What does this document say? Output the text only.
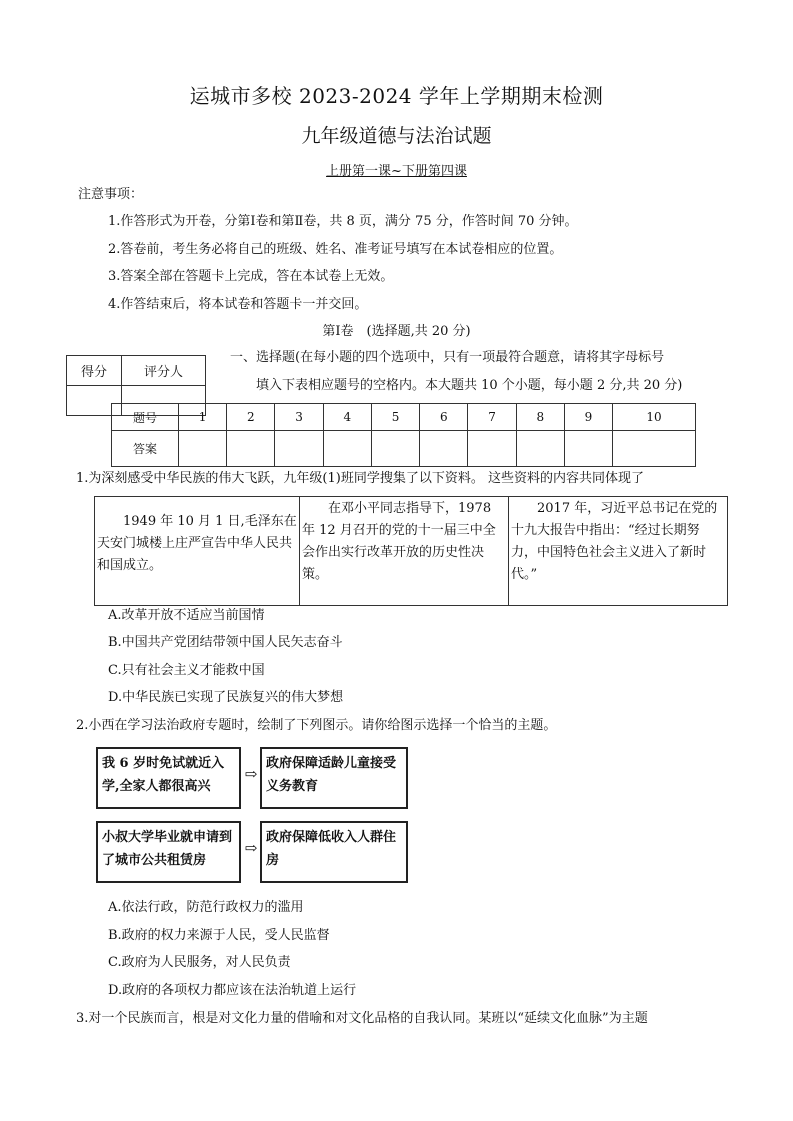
运城市多校 2023-2024 学年上学期期末检测
九年级道德与法治试题
上册第一课~下册第四课
注意事项：
1.作答形式为开卷，分第Ⅰ卷和第Ⅱ卷，共 8 页，满分 75 分，作答时间 70 分钟。
2.答卷前，考生务必将自己的班级、姓名、准考证号填写在本试卷相应的位置。
3.答案全部在答题卡上完成，答在本试卷上无效。
4.作答结束后，将本试卷和答题卡一并交回。
第Ⅰ卷　(选择题,共 20 分)
得分	评分人

一、选择题(在每小题的四个选项中，只有一项最符合题意，请将其字母标号
填入下表相应题号的空格内。本大题共 10 个小题，每小题 2 分,共 20 分)
题号	1	2	3	4	5	6	7	8	9	10
答案										
1.为深刻感受中华民族的伟大飞跃，九年级(1)班同学搜集了以下资料。 这些资料的内容共同体现了
　　1949 年 10 月 1 日,毛泽东在天安门城楼上庄严宣告中华人民共和国成立。	　　在邓小平同志指导下，1978 年 12 月召开的党的十一届三中全会作出实行改革开放的历史性决策。	　　2017 年，习近平总书记在党的十九大报告中指出：“经过长期努力，中国特色社会主义进入了新时代。”
A.改革开放不适应当前国情
B.中国共产党团结带领中国人民矢志奋斗
C.只有社会主义才能救中国
D.中华民族已实现了民族复兴的伟大梦想
2.小西在学习法治政府专题时，绘制了下列图示。请你给图示选择一个恰当的主题。
我 6 岁时免试就近入学,全家人都很高兴
⇨
政府保障适龄儿童接受义务教育
小叔大学毕业就申请到了城市公共租赁房
⇨
政府保障低收入人群住房
A.依法行政，防范行政权力的滥用
B.政府的权力来源于人民，受人民监督
C.政府为人民服务，对人民负责
D.政府的各项权力都应该在法治轨道上运行
3.对一个民族而言，根是对文化力量的借喻和对文化品格的自我认同。某班以“延续文化血脉”为主题
